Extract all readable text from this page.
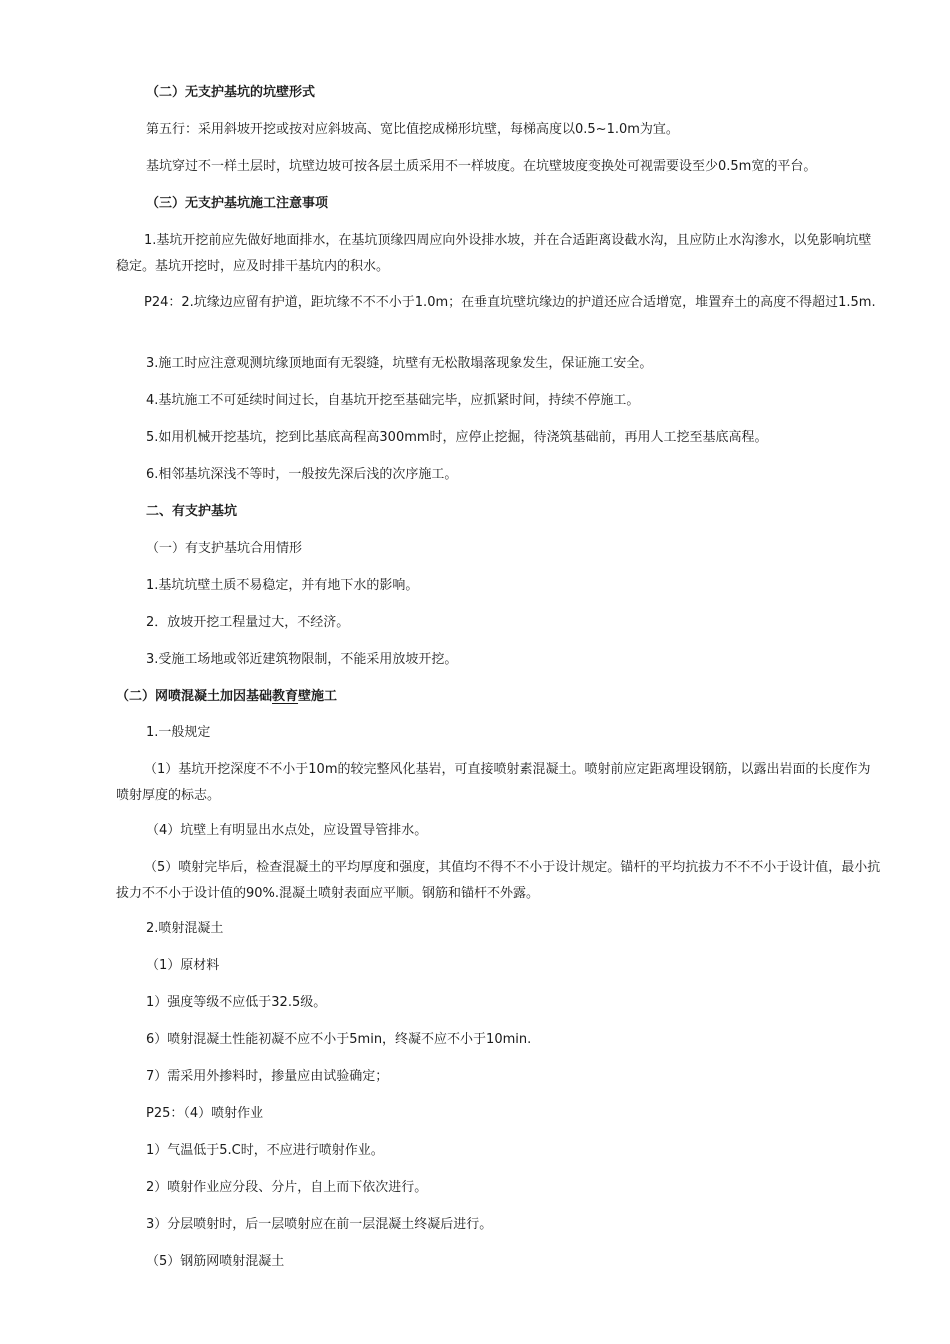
（二）无支护基坑的坑壁形式

第五行：采用斜坡开挖或按对应斜坡高、宽比值挖成梯形坑壁，每梯高度以0.5~1.0m为宜。

基坑穿过不一样土层时，坑壁边坡可按各层土质采用不一样坡度。在坑壁坡度变换处可视需要设至少0.5m宽的平台。

（三）无支护基坑施工注意事项

1.基坑开挖前应先做好地面排水，在基坑顶缘四周应向外设排水坡，并在合适距离设截水沟，且应防止水沟渗水，以免影响坑壁稳定。基坑开挖时，应及时排干基坑内的积水。

P24：2.坑缘边应留有护道，距坑缘不不不小于1.0m；在垂直坑壁坑缘边的护道还应合适增宽，堆置弃土的高度不得超过1.5m.

3.施工时应注意观测坑缘顶地面有无裂缝，坑壁有无松散塌落现象发生，保证施工安全。

4.基坑施工不可延续时间过长，自基坑开挖至基础完毕，应抓紧时间，持续不停施工。

5.如用机械开挖基坑，挖到比基底高程高300mm时，应停止挖掘，待浇筑基础前，再用人工挖至基底高程。

6.相邻基坑深浅不等时，一般按先深后浅的次序施工。

二、有支护基坑

（一）有支护基坑合用情形

1.基坑坑壁土质不易稳定，并有地下水的影响。

2．放坡开挖工程量过大，不经济。

3.受施工场地或邻近建筑物限制，不能采用放坡开挖。

（二）网喷混凝土加因基础教育壁施工

1.一般规定

（1）基坑开挖深度不不小于10m的较完整风化基岩，可直接喷射素混凝土。喷射前应定距离埋设钢筋，以露出岩面的长度作为喷射厚度的标志。

（4）坑壁上有明显出水点处，应设置导管排水。

（5）喷射完毕后，检查混凝土的平均厚度和强度，其值均不得不不小于设计规定。锚杆的平均抗拔力不不不小于设计值，最小抗拔力不不小于设计值的90%.混凝土喷射表面应平顺。钢筋和锚杆不外露。

2.喷射混凝土

（1）原材料

1）强度等级不应低于32.5级。

6）喷射混凝土性能初凝不应不小于5min，终凝不应不小于10min.

7）需采用外掺料时，掺量应由试验确定；

P25：（4）喷射作业

1）气温低于5.C时，不应进行喷射作业。

2）喷射作业应分段、分片，自上而下依次进行。

3）分层喷射时，后一层喷射应在前一层混凝土终凝后进行。

（5）钢筋网喷射混凝土
